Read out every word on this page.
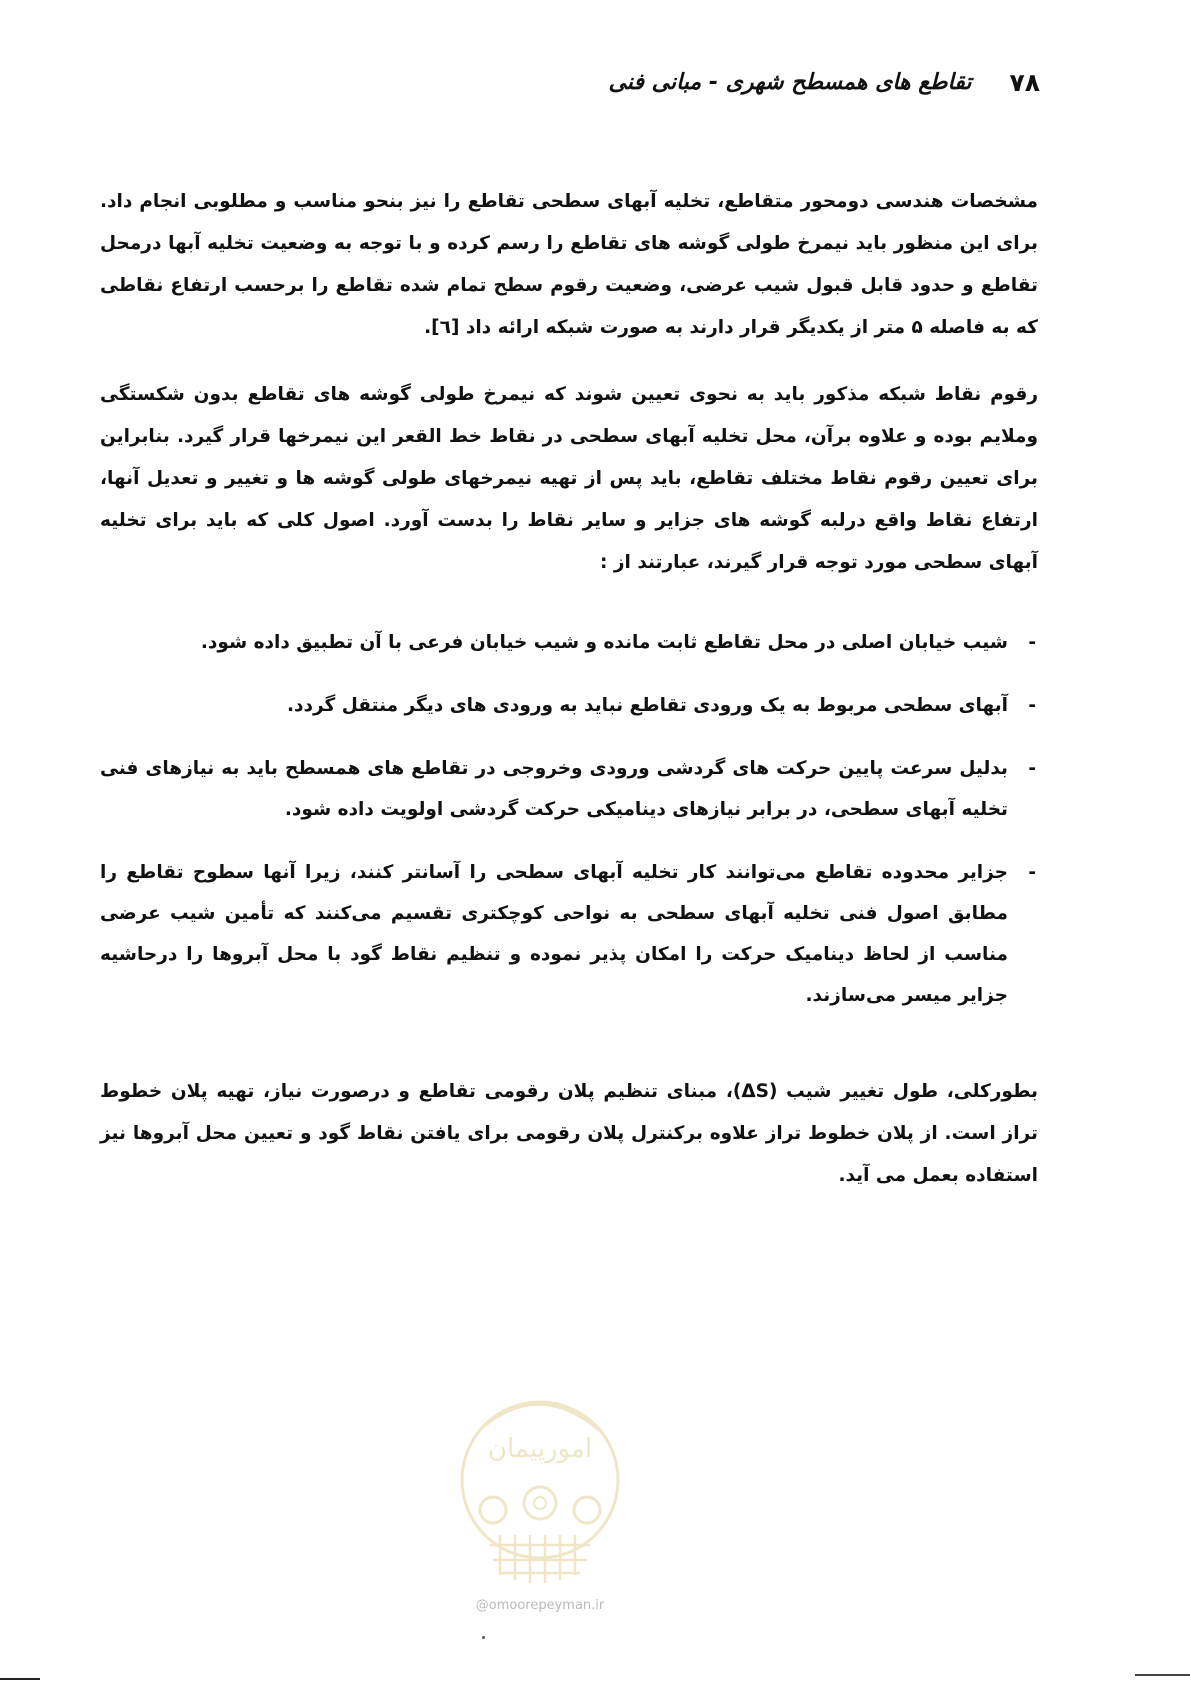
۷۸
تقاطع های همسطح شهری - مبانی فنی

مشخصات هندسی دومحور متقاطع، تخلیه آبهای سطحی تقاطع را نیز بنحو مناسب و مطلوبی انجام داد. برای این منظور باید نیمرخ طولی گوشه های تقاطع را رسم کرده و با توجه به وضعیت تخلیه آبها درمحل تقاطع و حدود قابل قبول شیب عرضی، وضعیت رقوم سطح تمام شده تقاطع را برحسب ارتفاع نقاطی که به فاصله ۵ متر از یکدیگر قرار دارند به صورت شبکه ارائه داد [٦].

رقوم نقاط شبکه مذکور باید به نحوی تعیین شوند که نیمرخ طولی گوشه های تقاطع بدون شکستگی وملایم بوده و علاوه برآن، محل تخلیه آبهای سطحی در نقاط خط القعر این نیمرخها قرار گیرد. بنابراین برای تعیین رقوم نقاط مختلف تقاطع، باید پس از تهیه نیمرخهای طولی گوشه ها و تغییر و تعدیل آنها، ارتفاع نقاط واقع درلبه گوشه های جزایر و سایر نقاط را بدست آورد. اصول کلی که باید برای تخلیه آبهای سطحی مورد توجه قرار گیرند، عبارتند از :

-
شیب خیابان اصلی در محل تقاطع ثابت مانده و شیب خیابان فرعی با آن تطبیق داده شود.
-
آبهای سطحی مربوط به یک ورودی تقاطع نباید به ورودی های دیگر منتقل گردد.
-
بدلیل سرعت پایین حرکت های گردشی ورودی وخروجی در تقاطع های همسطح باید به نیازهای فنی تخلیه آبهای سطحی، در برابر نیازهای دینامیکی حرکت گردشی اولویت داده شود.
-
جزایر محدوده تقاطع می‌توانند کار تخلیه آبهای سطحی را آسانتر کنند، زیرا آنها سطوح تقاطع را مطابق اصول فنی تخلیه آبهای سطحی به نواحی کوچکتری تقسیم می‌کنند که تأمین شیب عرضی مناسب از لحاظ دینامیک حرکت را امکان پذیر نموده و تنظیم نقاط گود با محل آبروها را درحاشیه جزایر میسر می‌سازند.

بطورکلی، طول تغییر شیب (ΔS)، مبنای تنظیم پلان رقومی تقاطع و درصورت نیاز، تهیه پلان خطوط تراز است. از پلان خطوط تراز علاوه برکنترل پلان رقومی برای یافتن نقاط گود و تعیین محل آبروها نیز استفاده بعمل می آید.

امورپیمان
@omoorepeyman.ir
